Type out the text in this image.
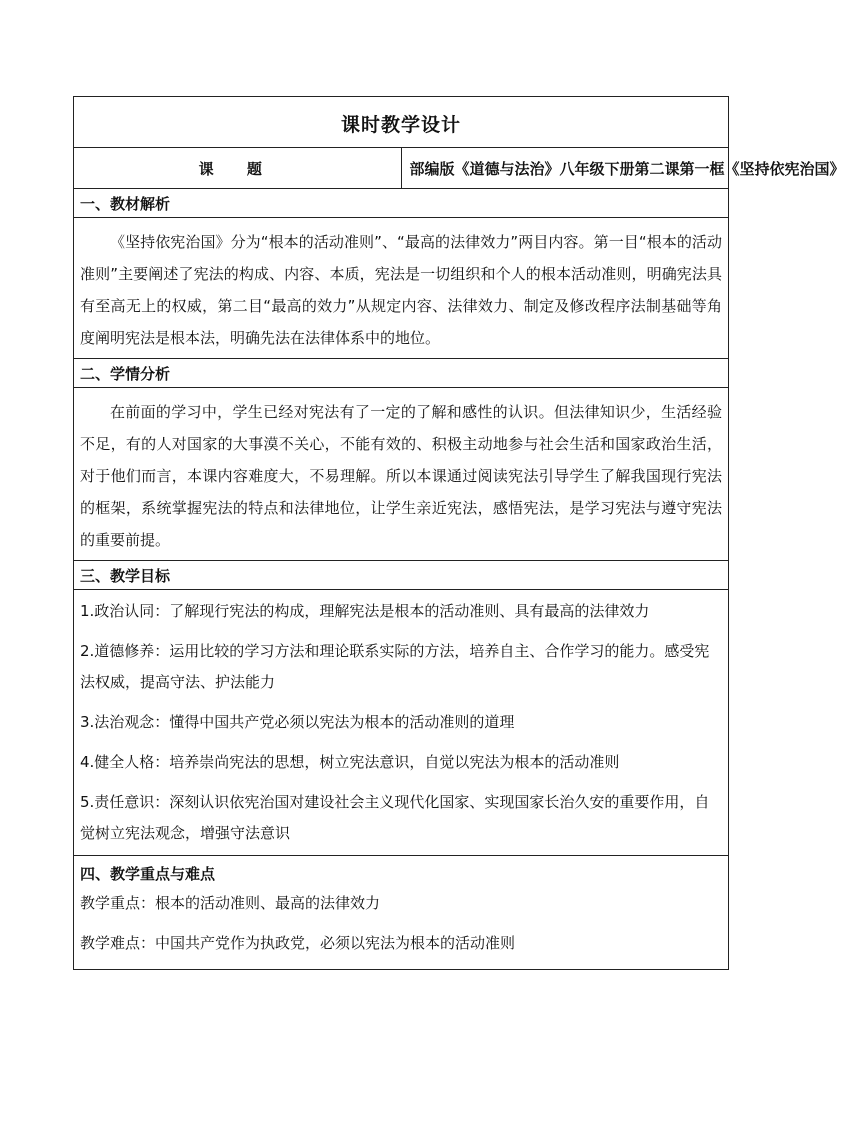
课时教学设计

课 题	部编版《道德与法治》八年级下册第二课第一框《坚持依宪治国》
一、教材解析

《坚持依宪治国》分为“根本的活动准则”、“最高的法律效力”两目内容。第一目“根本的活动准则”主要阐述了宪法的构成、内容、本质，宪法是一切组织和个人的根本活动准则，明确宪法具有至高无上的权威，第二目“最高的效力”从规定内容、法律效力、制定及修改程序法制基础等角度阐明宪法是根本法，明确先法在法律体系中的地位。

二、学情分析

在前面的学习中，学生已经对宪法有了一定的了解和感性的认识。但法律知识少，生活经验不足，有的人对国家的大事漠不关心，不能有效的、积极主动地参与社会生活和国家政治生活，对于他们而言，本课内容难度大，不易理解。所以本课通过阅读宪法引导学生了解我国现行宪法的框架，系统掌握宪法的特点和法律地位，让学生亲近宪法，感悟宪法，是学习宪法与遵守宪法的重要前提。

三、教学目标

1.政治认同：了解现行宪法的构成，理解宪法是根本的活动准则、具有最高的法律效力

2.道德修养：运用比较的学习方法和理论联系实际的方法，培养自主、合作学习的能力。感受宪法权威，提高守法、护法能力

3.法治观念：懂得中国共产党必须以宪法为根本的活动准则的道理

4.健全人格：培养崇尚宪法的思想，树立宪法意识，自觉以宪法为根本的活动准则

5.责任意识：深刻认识依宪治国对建设社会主义现代化国家、实现国家长治久安的重要作用，自觉树立宪法观念，增强守法意识

四、教学重点与难点
教学重点：根本的活动准则、最高的法律效力
教学难点：中国共产党作为执政党，必须以宪法为根本的活动准则
